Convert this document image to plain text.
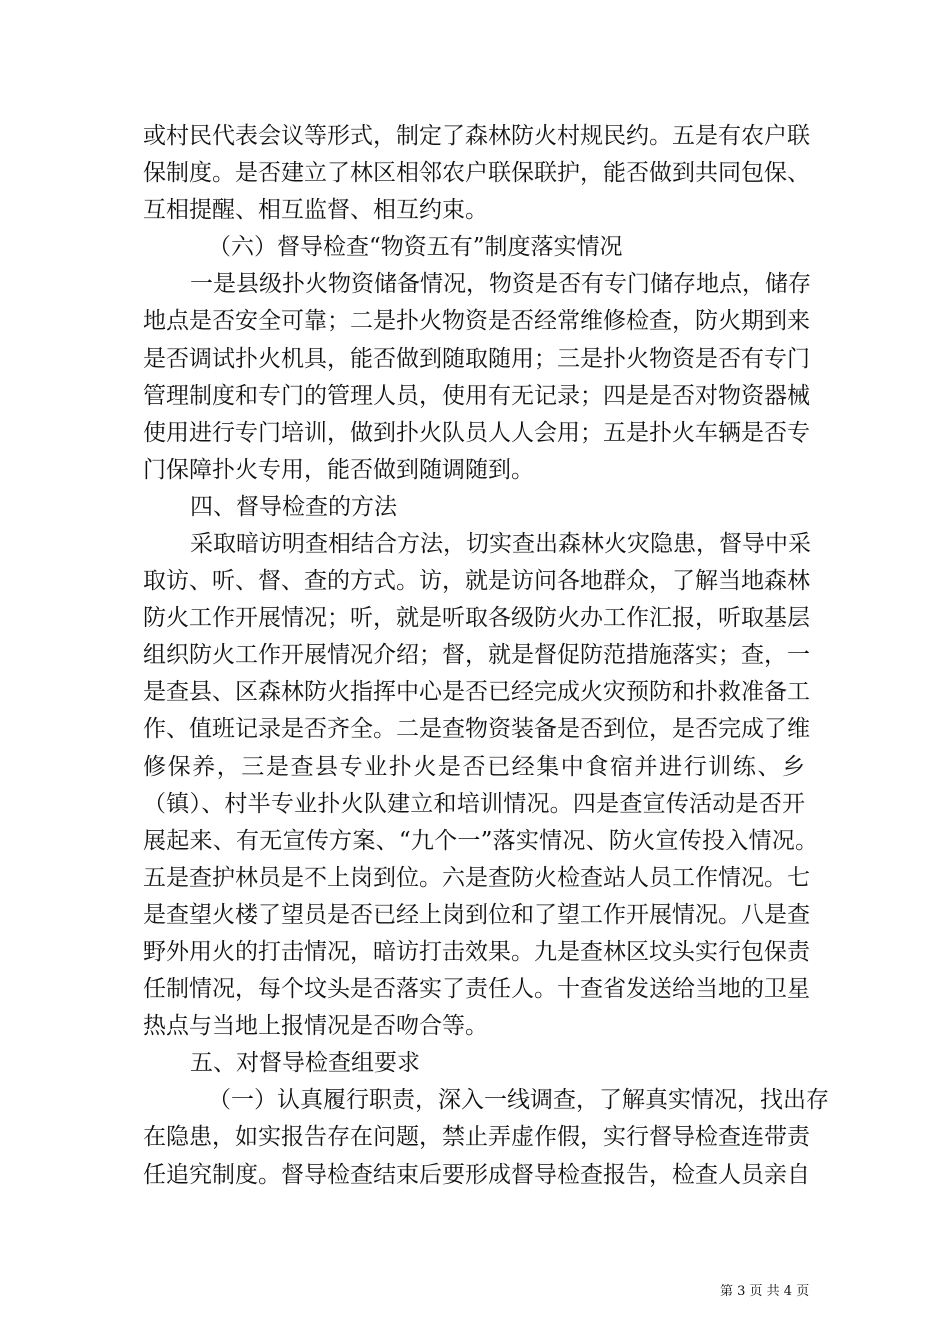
或村民代表会议等形式，制定了森林防火村规民约。五是有农户联

保制度。是否建立了林区相邻农户联保联护，能否做到共同包保、

互相提醒、相互监督、相互约束。

（六）督导检查“物资五有”制度落实情况

一是县级扑火物资储备情况，物资是否有专门储存地点，储存

地点是否安全可靠；二是扑火物资是否经常维修检查，防火期到来

是否调试扑火机具，能否做到随取随用；三是扑火物资是否有专门

管理制度和专门的管理人员，使用有无记录；四是是否对物资器械

使用进行专门培训，做到扑火队员人人会用；五是扑火车辆是否专

门保障扑火专用，能否做到随调随到。

四、督导检查的方法

采取暗访明查相结合方法，切实查出森林火灾隐患，督导中采

取访、听、督、查的方式。访，就是访问各地群众，了解当地森林

防火工作开展情况；听，就是听取各级防火办工作汇报，听取基层

组织防火工作开展情况介绍；督，就是督促防范措施落实；查，一

是查县、区森林防火指挥中心是否已经完成火灾预防和扑救准备工

作、值班记录是否齐全。二是查物资装备是否到位，是否完成了维

修保养，三是查县专业扑火是否已经集中食宿并进行训练、乡

（镇）、村半专业扑火队建立和培训情况。四是查宣传活动是否开

展起来、有无宣传方案、“九个一”落实情况、防火宣传投入情况。

五是查护林员是不上岗到位。六是查防火检查站人员工作情况。七

是查望火楼了望员是否已经上岗到位和了望工作开展情况。八是查

野外用火的打击情况，暗访打击效果。九是查林区坟头实行包保责

任制情况，每个坟头是否落实了责任人。十查省发送给当地的卫星

热点与当地上报情况是否吻合等。

五、对督导检查组要求

（一）认真履行职责，深入一线调查，了解真实情况，找出存

在隐患，如实报告存在问题，禁止弄虚作假，实行督导检查连带责

任追究制度。督导检查结束后要形成督导检查报告，检查人员亲自

第 3 页 共 4 页
